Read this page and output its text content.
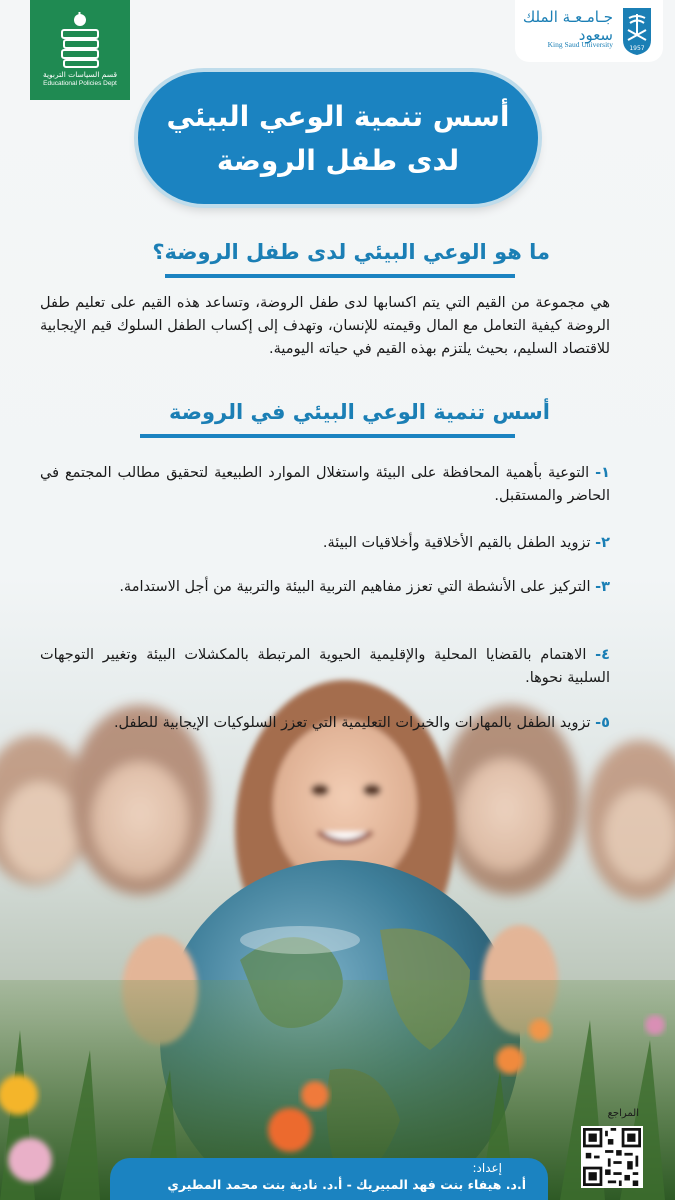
قسم السياسات التربوية
Educational Policies Dept
جـامـعـة الملك سعود
King Saud University	1957
أسس تنمية الوعي البيئي
لدى طفل الروضة
ما هو الوعي البيئي لدى طفل الروضة؟
هي مجموعة من القيم التي يتم اكسابها لدى طفل الروضة، وتساعد هذه القيم على تعليم طفل الروضة كيفية التعامل مع المال وقيمته للإنسان، وتهدف إلى إكساب الطفل السلوك قيم الإيجابية للاقتصاد السليم، بحيث يلتزم بهذه القيم في حياته اليومية.
أسس تنمية الوعي البيئي في الروضة
١- التوعية بأهمية المحافظة على البيئة واستغلال الموارد الطبيعية لتحقيق مطالب المجتمع في الحاضر والمستقبل.
٢- تزويد الطفل بالقيم الأخلاقية وأخلاقيات البيئة.
٣- التركيز على الأنشطة التي تعزز مفاهيم التربية البيئة والتربية من أجل الاستدامة.
٤- الاهتمام بالقضايا المحلية والإقليمية الحيوية المرتبطة بالمكشلات البيئة وتغيير التوجهات السلبية نحوها.
٥- تزويد الطفل بالمهارات والخبرات التعليمية التي تعزز السلوكيات الإيجابية للطفل.
المراجع
إعداد:
أ.د. هيفاء بنت فهد المبيريك - أ.د. نادية بنت محمد المطيري
